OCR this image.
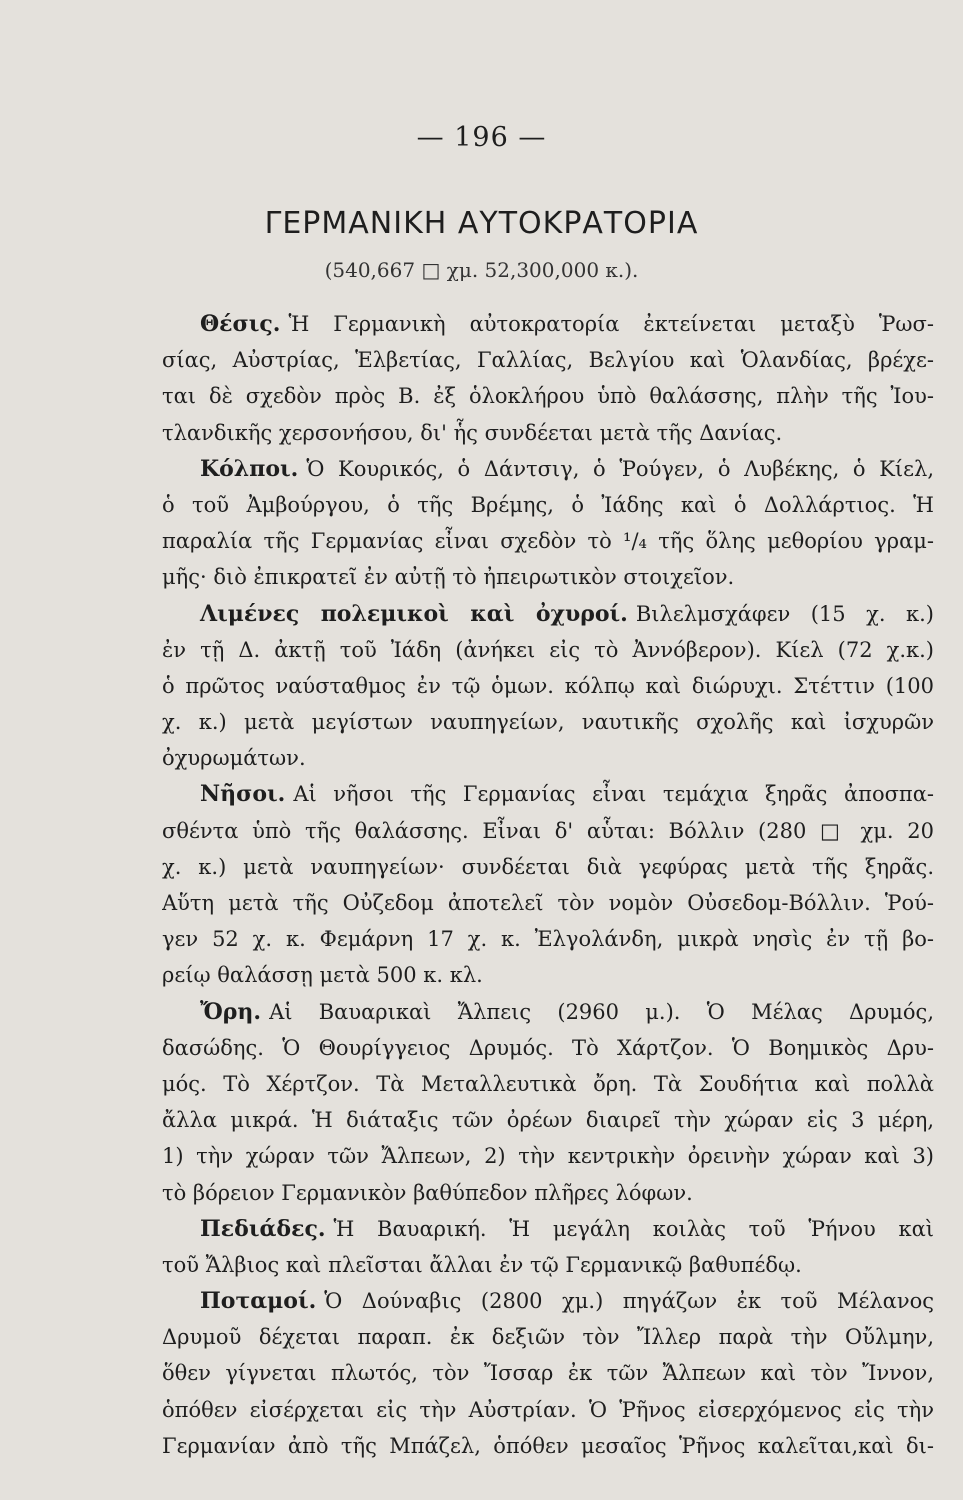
— 196 —
ΓΕΡΜΑΝΙΚΗ ΑΥΤΟΚΡΑΤΟΡΙΑ
(540,667 □ χμ. 52,300,000 κ.).
Θέσις. Ἡ Γερμανικὴ αὐτοκρατορία ἐκτείνεται μεταξὺ Ῥωσ-
σίας, Αὐστρίας, Ἑλβετίας, Γαλλίας, Βελγίου καὶ Ὁλανδίας, βρέχε-
ται δὲ σχεδὸν πρὸς Β. ἐξ ὁλοκλήρου ὑπὸ θαλάσσης, πλὴν τῆς Ἰου-
τλανδικῆς χερσονήσου, δι' ἧς συνδέεται μετὰ τῆς Δανίας.
Κόλποι. Ὁ Κουρικός, ὁ Δάντσιγ, ὁ Ῥούγεν, ὁ Λυβέκης, ὁ Κίελ,
ὁ τοῦ Ἀμβούργου, ὁ τῆς Βρέμης, ὁ Ἰάδης καὶ ὁ Δολλάρτιος. Ἡ
παραλία τῆς Γερμανίας εἶναι σχεδὸν τὸ ¹/₄ τῆς ὅλης μεθορίου γραμ-
μῆς· διὸ ἐπικρατεῖ ἐν αὐτῇ τὸ ἠπειρωτικὸν στοιχεῖον.
Λιμένες πολεμικοὶ καὶ ὀχυροί. Βιλελμσχάφεν (15 χ. κ.)
ἐν τῇ Δ. ἀκτῇ τοῦ Ἰάδη (ἀνήκει εἰς τὸ Ἀννόβερον). Κίελ (72 χ.κ.)
ὁ πρῶτος ναύσταθμος ἐν τῷ ὁμων. κόλπῳ καὶ διώρυχι. Στέττιν (100
χ. κ.) μετὰ μεγίστων ναυπηγείων, ναυτικῆς σχολῆς καὶ ἰσχυρῶν
ὀχυρωμάτων.
Νῆσοι. Αἱ νῆσοι τῆς Γερμανίας εἶναι τεμάχια ξηρᾶς ἀποσπα-
σθέντα ὑπὸ τῆς θαλάσσης. Εἶναι δ' αὗται: Βόλλιν (280 □ χμ. 20
χ. κ.) μετὰ ναυπηγείων· συνδέεται διὰ γεφύρας μετὰ τῆς ξηρᾶς.
Αὕτη μετὰ τῆς Οὐζεδομ ἀποτελεῖ τὸν νομὸν Οὐσεδομ-Βόλλιν. Ῥού-
γεν 52 χ. κ. Φεμάρνη 17 χ. κ. Ἐλγολάνδη, μικρὰ νησὶς ἐν τῇ βο-
ρείῳ θαλάσσῃ μετὰ 500 κ. κλ.
Ὄρη. Αἱ Βαυαρικαὶ Ἄλπεις (2960 μ.). Ὁ Μέλας Δρυμός,
δασώδης. Ὁ Θουρίγγειος Δρυμός. Τὸ Χάρτζον. Ὁ Βοημικὸς Δρυ-
μός. Τὸ Χέρτζον. Τὰ Μεταλλευτικὰ ὄρη. Τὰ Σουδήτια καὶ πολλὰ
ἄλλα μικρά. Ἡ διάταξις τῶν ὀρέων διαιρεῖ τὴν χώραν εἰς 3 μέρη,
1) τὴν χώραν τῶν Ἄλπεων, 2) τὴν κεντρικὴν ὀρεινὴν χώραν καὶ 3)
τὸ βόρειον Γερμανικὸν βαθύπεδον πλῆρες λόφων.
Πεδιάδες. Ἡ Βαυαρική. Ἡ μεγάλη κοιλὰς τοῦ Ῥήνου καὶ
τοῦ Ἄλβιος καὶ πλεῖσται ἄλλαι ἐν τῷ Γερμανικῷ βαθυπέδῳ.
Ποταμοί. Ὁ Δούναβις (2800 χμ.) πηγάζων ἐκ τοῦ Μέλανος
Δρυμοῦ δέχεται παραπ. ἐκ δεξιῶν τὸν Ἴλλερ παρὰ τὴν Οὔλμην,
ὅθεν γίγνεται πλωτός, τὸν Ἴσσαρ ἐκ τῶν Ἄλπεων καὶ τὸν Ἴννον,
ὁπόθεν εἰσέρχεται εἰς τὴν Αὐστρίαν. Ὁ Ῥῆνος εἰσερχόμενος εἰς τὴν
Γερμανίαν ἀπὸ τῆς Μπάζελ, ὁπόθεν μεσαῖος Ῥῆνος καλεῖται,καὶ δι-
